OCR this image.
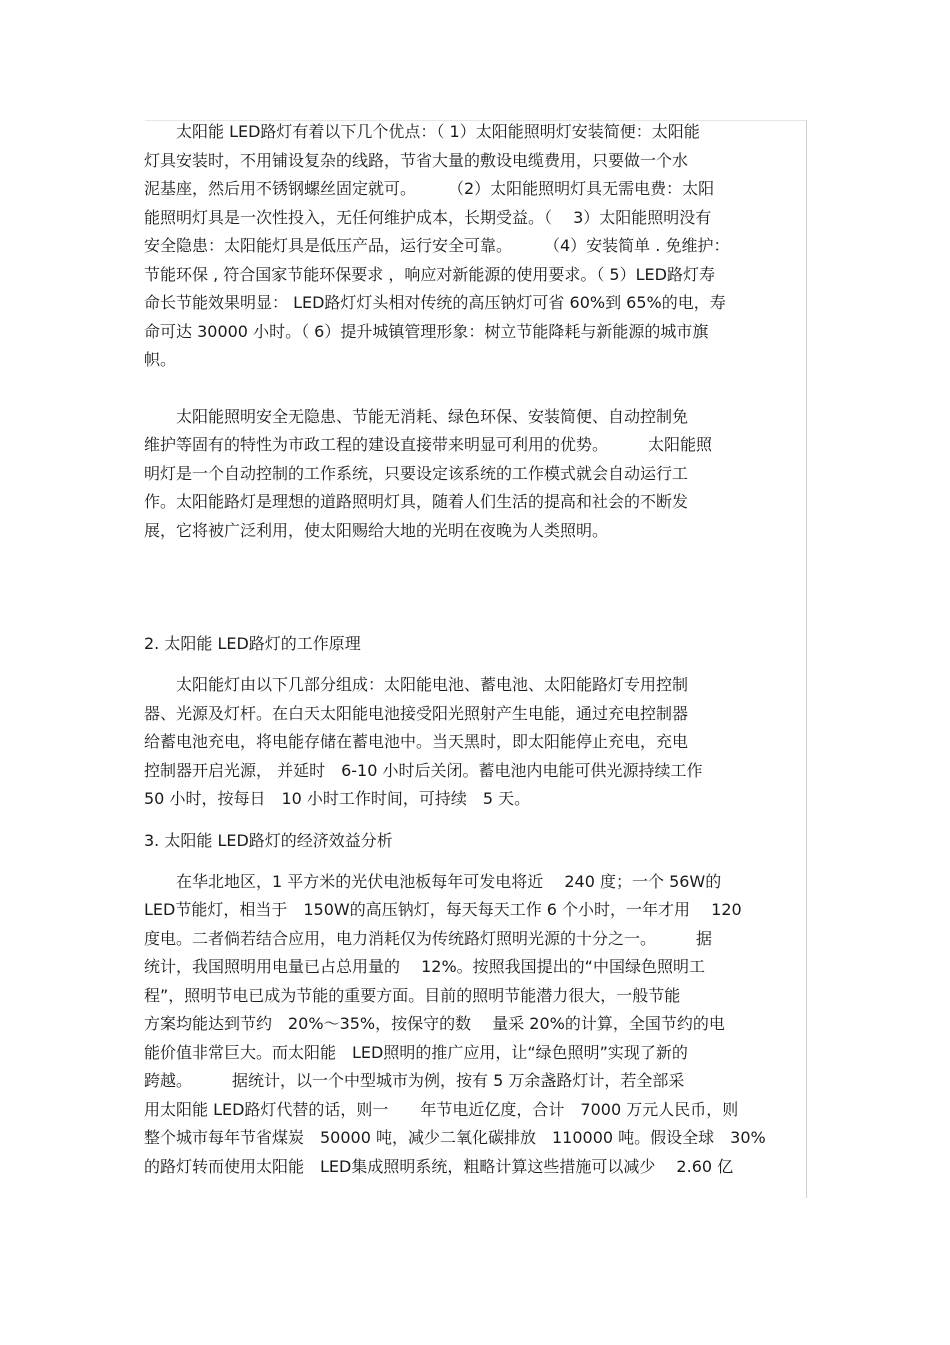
　　太阳能 LED路灯有着以下几个优点：（ 1）太阳能照明灯安装简便：太阳能
灯具安装时，不用铺设复杂的线路，节省大量的敷设电缆费用，只要做一个水
泥基座，然后用不锈钢螺丝固定就可。　　　（2）太阳能照明灯具无需电费：太阳
能照明灯具是一次性投入，无任何维护成本，长期受益。（　 3）太阳能照明没有
安全隐患：太阳能灯具是低压产品，运行安全可靠。　　　（4）安装简单 . 免维护：
节能环保 , 符合国家节能环保要求 ，响应对新能源的使用要求。（ 5）LED路灯寿
命长节能效果明显： LED路灯灯头相对传统的高压钠灯可省 60%到 65%的电，寿
命可达 30000 小时。（ 6）提升城镇管理形象：树立节能降耗与新能源的城市旗
帜。
　　太阳能照明安全无隐患、节能无消耗、绿色环保、安装简便、自动控制免
维护等固有的特性为市政工程的建设直接带来明显可利用的优势。　　　太阳能照
明灯是一个自动控制的工作系统，只要设定该系统的工作模式就会自动运行工
作。太阳能路灯是理想的道路照明灯具，随着人们生活的提高和社会的不断发
展，它将被广泛利用，使太阳赐给大地的光明在夜晚为人类照明。
2. 太阳能 LED路灯的工作原理
　　太阳能灯由以下几部分组成：太阳能电池、蓄电池、太阳能路灯专用控制
器、光源及灯杆。在白天太阳能电池接受阳光照射产生电能，通过充电控制器
给蓄电池充电，将电能存储在蓄电池中。当天黑时，即太阳能停止充电，充电
控制器开启光源， 并延时　6-10 小时后关闭。蓄电池内电能可供光源持续工作
50 小时，按每日　10 小时工作时间，可持续　5 天。
3. 太阳能 LED路灯的经济效益分析
　　在华北地区，1 平方米的光伏电池板每年可发电将近　 240 度；一个 56W的
LED节能灯，相当于　150W的高压钠灯，每天每天工作 6 个小时，一年才用　 120
度电。二者倘若结合应用，电力消耗仅为传统路灯照明光源的十分之一。　　　据
统计，我国照明用电量已占总用量的　 12%。按照我国提出的“中国绿色照明工
程”，照明节电已成为节能的重要方面。目前的照明节能潜力很大，一般节能
方案均能达到节约　20%～35%，按保守的数　 量采 20%的计算，全国节约的电
能价值非常巨大。而太阳能　LED照明的推广应用，让“绿色照明”实现了新的
跨越。　　　据统计，以一个中型城市为例，按有 5 万余盏路灯计，若全部采
用太阳能 LED路灯代替的话，则一　　年节电近亿度，合计　7000 万元人民币，则
整个城市每年节省煤炭　50000 吨，减少二氧化碳排放　110000 吨。假设全球　30%
的路灯转而使用太阳能　LED集成照明系统，粗略计算这些措施可以减少　 2.60 亿
